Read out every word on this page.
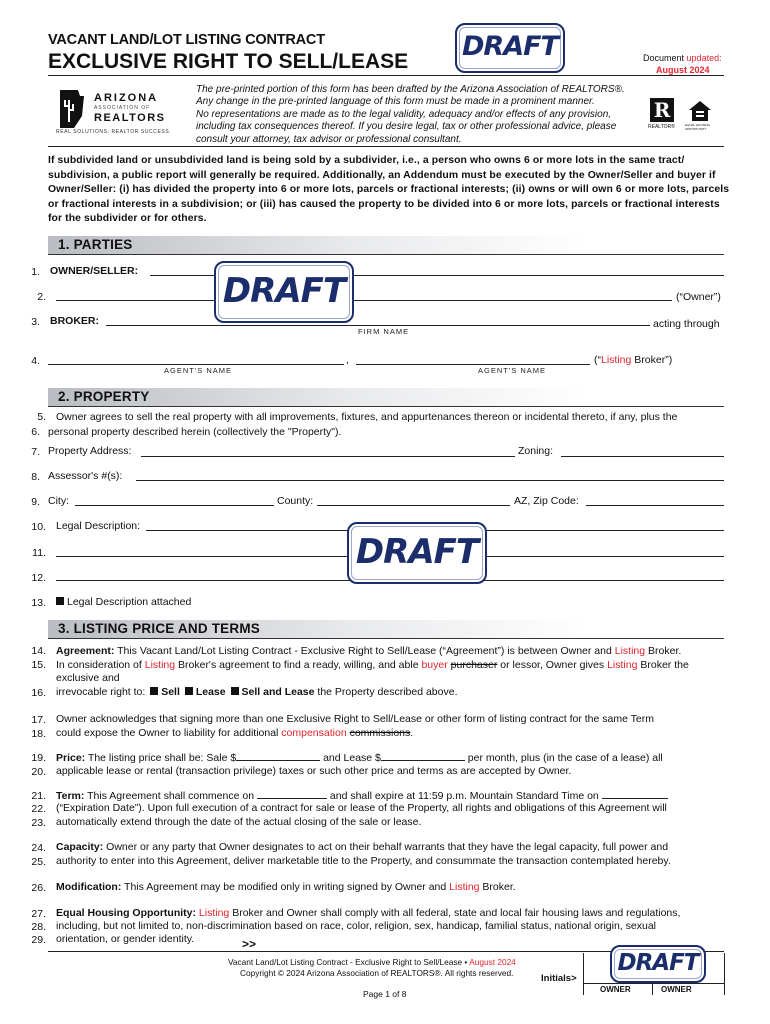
VACANT LAND/LOT LISTING CONTRACT
EXCLUSIVE RIGHT TO SELL/LEASE DRAFT	Document updated:
August 2024
ARIZONA
ASSOCIATION OF
REALTORS
REAL SOLUTIONS. REALTOR SUCCESS.
The pre-printed portion of this form has been drafted by the Arizona Association of REALTORS®.
Any change in the pre-printed language of this form must be made in a prominent manner.
No representations are made as to the legal validity, adequacy and/or effects of any provision,
including tax consequences thereof. If you desire legal, tax or other professional advice, please
consult your attorney, tax advisor or professional consultant.
R
REALTOR®	EQUAL HOUSING OPPORTUNITY
If subdivided land or unsubdivided land is being sold by a subdivider, i.e., a person who owns 6 or more lots in the same tract/
subdivision, a public report will generally be required. Additionally, an Addendum must be executed by the Owner/Seller and buyer if
Owner/Seller: (i) has divided the property into 6 or more lots, parcels or fractional interests; (ii) owns or will own 6 or more lots, parcels
or fractional interests in a subdivision; or (iii) has caused the property to be divided into 6 or more lots, parcels or fractional interests
for the subdivider or for others.
1. PARTIES
1. OWNER/SELLER:
2.	(“Owner”)
DRAFT
3. BROKER:	acting through
FIRM NAME
4.	,	(“Listing Broker”)
AGENT'S NAME	AGENT'S NAME
2. PROPERTY
5. Owner agrees to sell the real property with all improvements, fixtures, and appurtenances thereon or incidental thereto, if any, plus the
6. personal property described herein (collectively the "Property").
7. Property Address:	Zoning:
8. Assessor's #(s):
9. City:	County:	AZ, Zip Code:
10. Legal Description:
11.
12.
DRAFT
13.	Legal Description attached
3. LISTING PRICE AND TERMS
14. Agreement: This Vacant Land/Lot Listing Contract - Exclusive Right to Sell/Lease (“Agreement”) is between Owner and Listing Broker.
15. In consideration of Listing Broker's agreement to find a ready, willing, and able buyer purchaser or lessor, Owner gives Listing Broker the
exclusive and
16. irrevocable right to: Sell Lease Sell and Lease the Property described above.
17. Owner acknowledges that signing more than one Exclusive Right to Sell/Lease or other form of listing contract for the same Term
18. could expose the Owner to liability for additional compensation commissions.
19. Price: The listing price shall be: Sale $	and Lease $	per month, plus (in the case of a lease) all
20. applicable lease or rental (transaction privilege) taxes or such other price and terms as are accepted by Owner.
21. Term: This Agreement shall commence on	and shall expire at 11:59 p.m. Mountain Standard Time on
22. (“Expiration Date”). Upon full execution of a contract for sale or lease of the Property, all rights and obligations of this Agreement will
23. automatically extend through the date of the actual closing of the sale or lease.
24. Capacity: Owner or any party that Owner designates to act on their behalf warrants that they have the legal capacity, full power and
25. authority to enter into this Agreement, deliver marketable title to the Property, and consummate the transaction contemplated hereby.
26. Modification: This Agreement may be modified only in writing signed by Owner and Listing Broker.
27. Equal Housing Opportunity: Listing Broker and Owner shall comply with all federal, state and local fair housing laws and regulations,
28. including, but not limited to, non-discrimination based on race, color, religion, sex, handicap, familial status, national origin, sexual
29. orientation, or gender identity.	>>
Vacant Land/Lot Listing Contract - Exclusive Right to Sell/Lease • August 2024
Copyright © 2024 Arizona Association of REALTORS®. All rights reserved.
Page 1 of 8
Initials>
DRAFT
OWNER	OWNER
